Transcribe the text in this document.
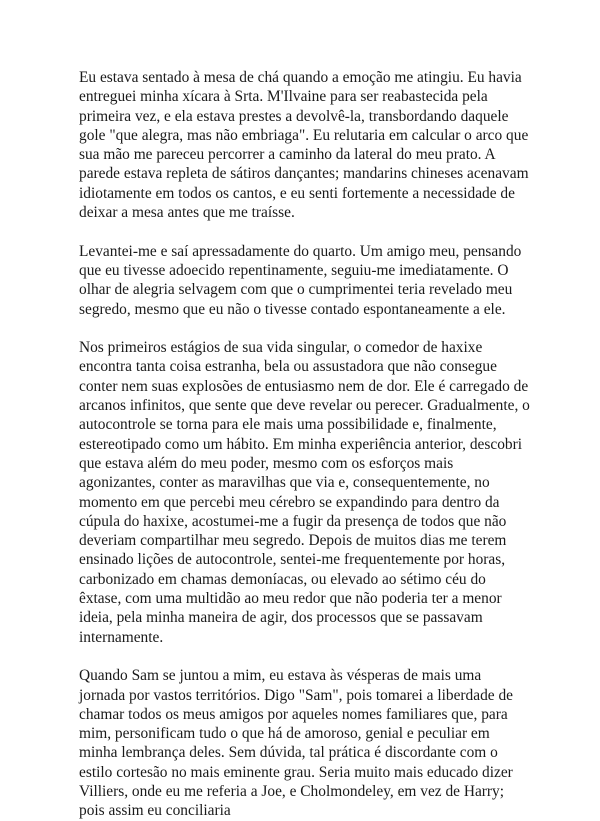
Eu estava sentado à mesa de chá quando a emoção me atingiu. Eu havia entreguei minha xícara à Srta. M'Ilvaine para ser reabastecida pela primeira vez, e ela estava prestes a devolvê-la, transbordando daquele gole "que alegra, mas não embriaga". Eu relutaria em calcular o arco que sua mão me pareceu percorrer a caminho da lateral do meu prato. A parede estava repleta de sátiros dançantes; mandarins chineses acenavam idiotamente em todos os cantos, e eu senti fortemente a necessidade de deixar a mesa antes que me traísse.

Levantei-me e saí apressadamente do quarto. Um amigo meu, pensando que eu tivesse adoecido repentinamente, seguiu-me imediatamente. O olhar de alegria selvagem com que o cumprimentei teria revelado meu segredo, mesmo que eu não o tivesse contado espontaneamente a ele.

Nos primeiros estágios de sua vida singular, o comedor de haxixe encontra tanta coisa estranha, bela ou assustadora que não consegue conter nem suas explosões de entusiasmo nem de dor. Ele é carregado de arcanos infinitos, que sente que deve revelar ou perecer. Gradualmente, o autocontrole se torna para ele mais uma possibilidade e, finalmente, estereotipado como um hábito. Em minha experiência anterior, descobri que estava além do meu poder, mesmo com os esforços mais agonizantes, conter as maravilhas que via e, consequentemente, no momento em que percebi meu cérebro se expandindo para dentro da cúpula do haxixe, acostumei-me a fugir da presença de todos que não deveriam compartilhar meu segredo. Depois de muitos dias me terem ensinado lições de autocontrole, sentei-me frequentemente por horas, carbonizado em chamas demoníacas, ou elevado ao sétimo céu do êxtase, com uma multidão ao meu redor que não poderia ter a menor ideia, pela minha maneira de agir, dos processos que se passavam internamente.

Quando Sam se juntou a mim, eu estava às vésperas de mais uma jornada por vastos territórios. Digo "Sam", pois tomarei a liberdade de chamar todos os meus amigos por aqueles nomes familiares que, para mim, personificam tudo o que há de amoroso, genial e peculiar em minha lembrança deles. Sem dúvida, tal prática é discordante com o estilo cortesão no mais eminente grau. Seria muito mais educado dizer Villiers, onde eu me referia a Joe, e Cholmondeley, em vez de Harry; pois assim eu conciliaria
